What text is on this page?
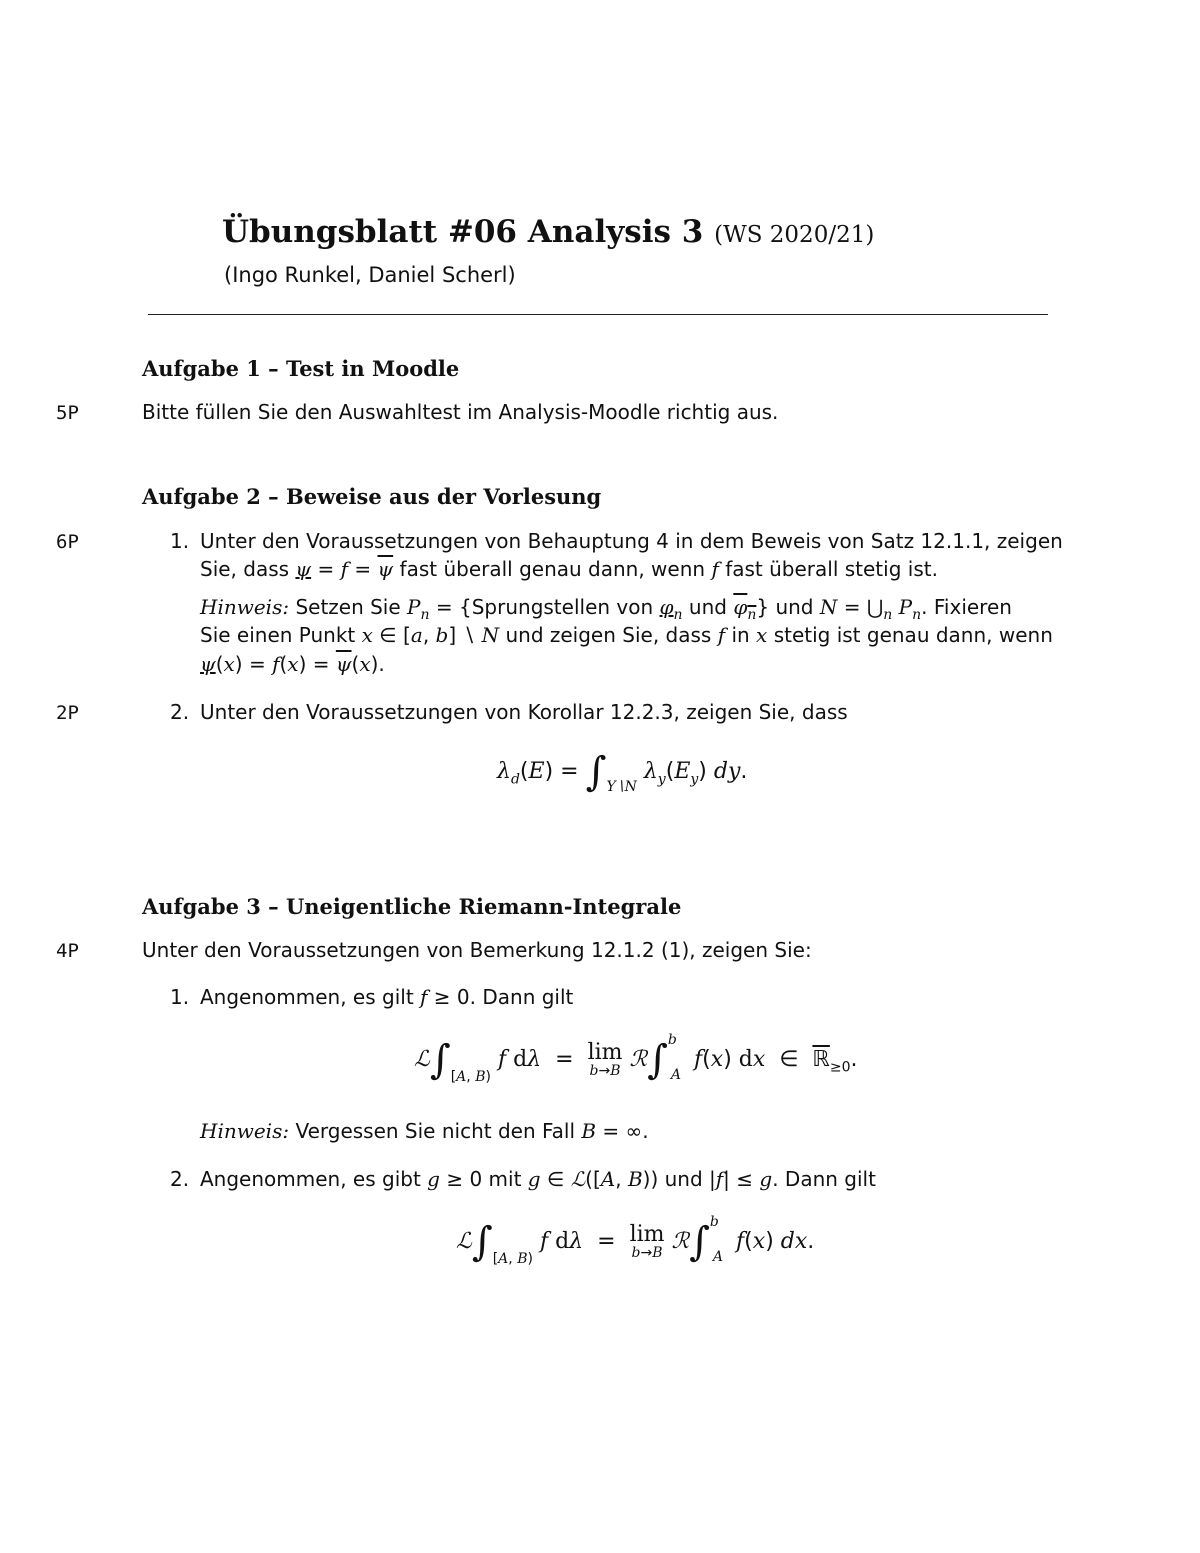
Übungsblatt #06 Analysis 3 (WS 2020/21)
(Ingo Runkel, Daniel Scherl)
Aufgabe 1 – Test in Moodle
5P	Bitte füllen Sie den Auswahltest im Analysis-Moodle richtig aus.
Aufgabe 2 – Beweise aus der Vorlesung
6P	1. Unter den Voraussetzungen von Behauptung 4 in dem Beweis von Satz 12.1.1, zeigen
Sie, dass $\psi = f = \overline{\psi}$ fast überall genau dann, wenn f fast überall stetig ist.
Hinweis: Setzen Sie $P_n$ = {Sprungstellen von $\varphi_n$ und $\varphi_n$} und $N = ⋃_n$ $P_n$. Fixieren
Sie einen Punkt x ∈ [a, b] ∖ N und zeigen Sie, dass f in x stetig ist genau dann, wenn
$\psi(x) = f(x) = \overline{\psi}(x)$.
2P	2. Unter den Voraussetzungen von Korollar 12.2.3, zeigen Sie, dass
$\lambda_d(E) = \int_{Y∖N}$ $\lambda_y(E_y)$ dy.
Aufgabe 3 – Uneigentliche Riemann-Integrale
4P	Unter den Voraussetzungen von Bemerkung 12.1.2 (1), zeigen Sie:
1. Angenommen, es gilt f ≥ 0. Dann gilt
$ℒ\int_{[A, B)}$ f dλ  =  lim
b→B ℛ∫$^b_A$ f(x) dx  ∈  ℝ$_{\ge 0}$.
Hinweis: Vergessen Sie nicht den Fall B = ∞.
2. Angenommen, es gibt g ≥ 0 mit g ∈ ℒ([A, B)) und |f| ≤ g. Dann gilt
$ℒ\int_{[A, B)}$ f dλ  =  lim
b→B ℛ∫$^b_A$ f(x) dx.
